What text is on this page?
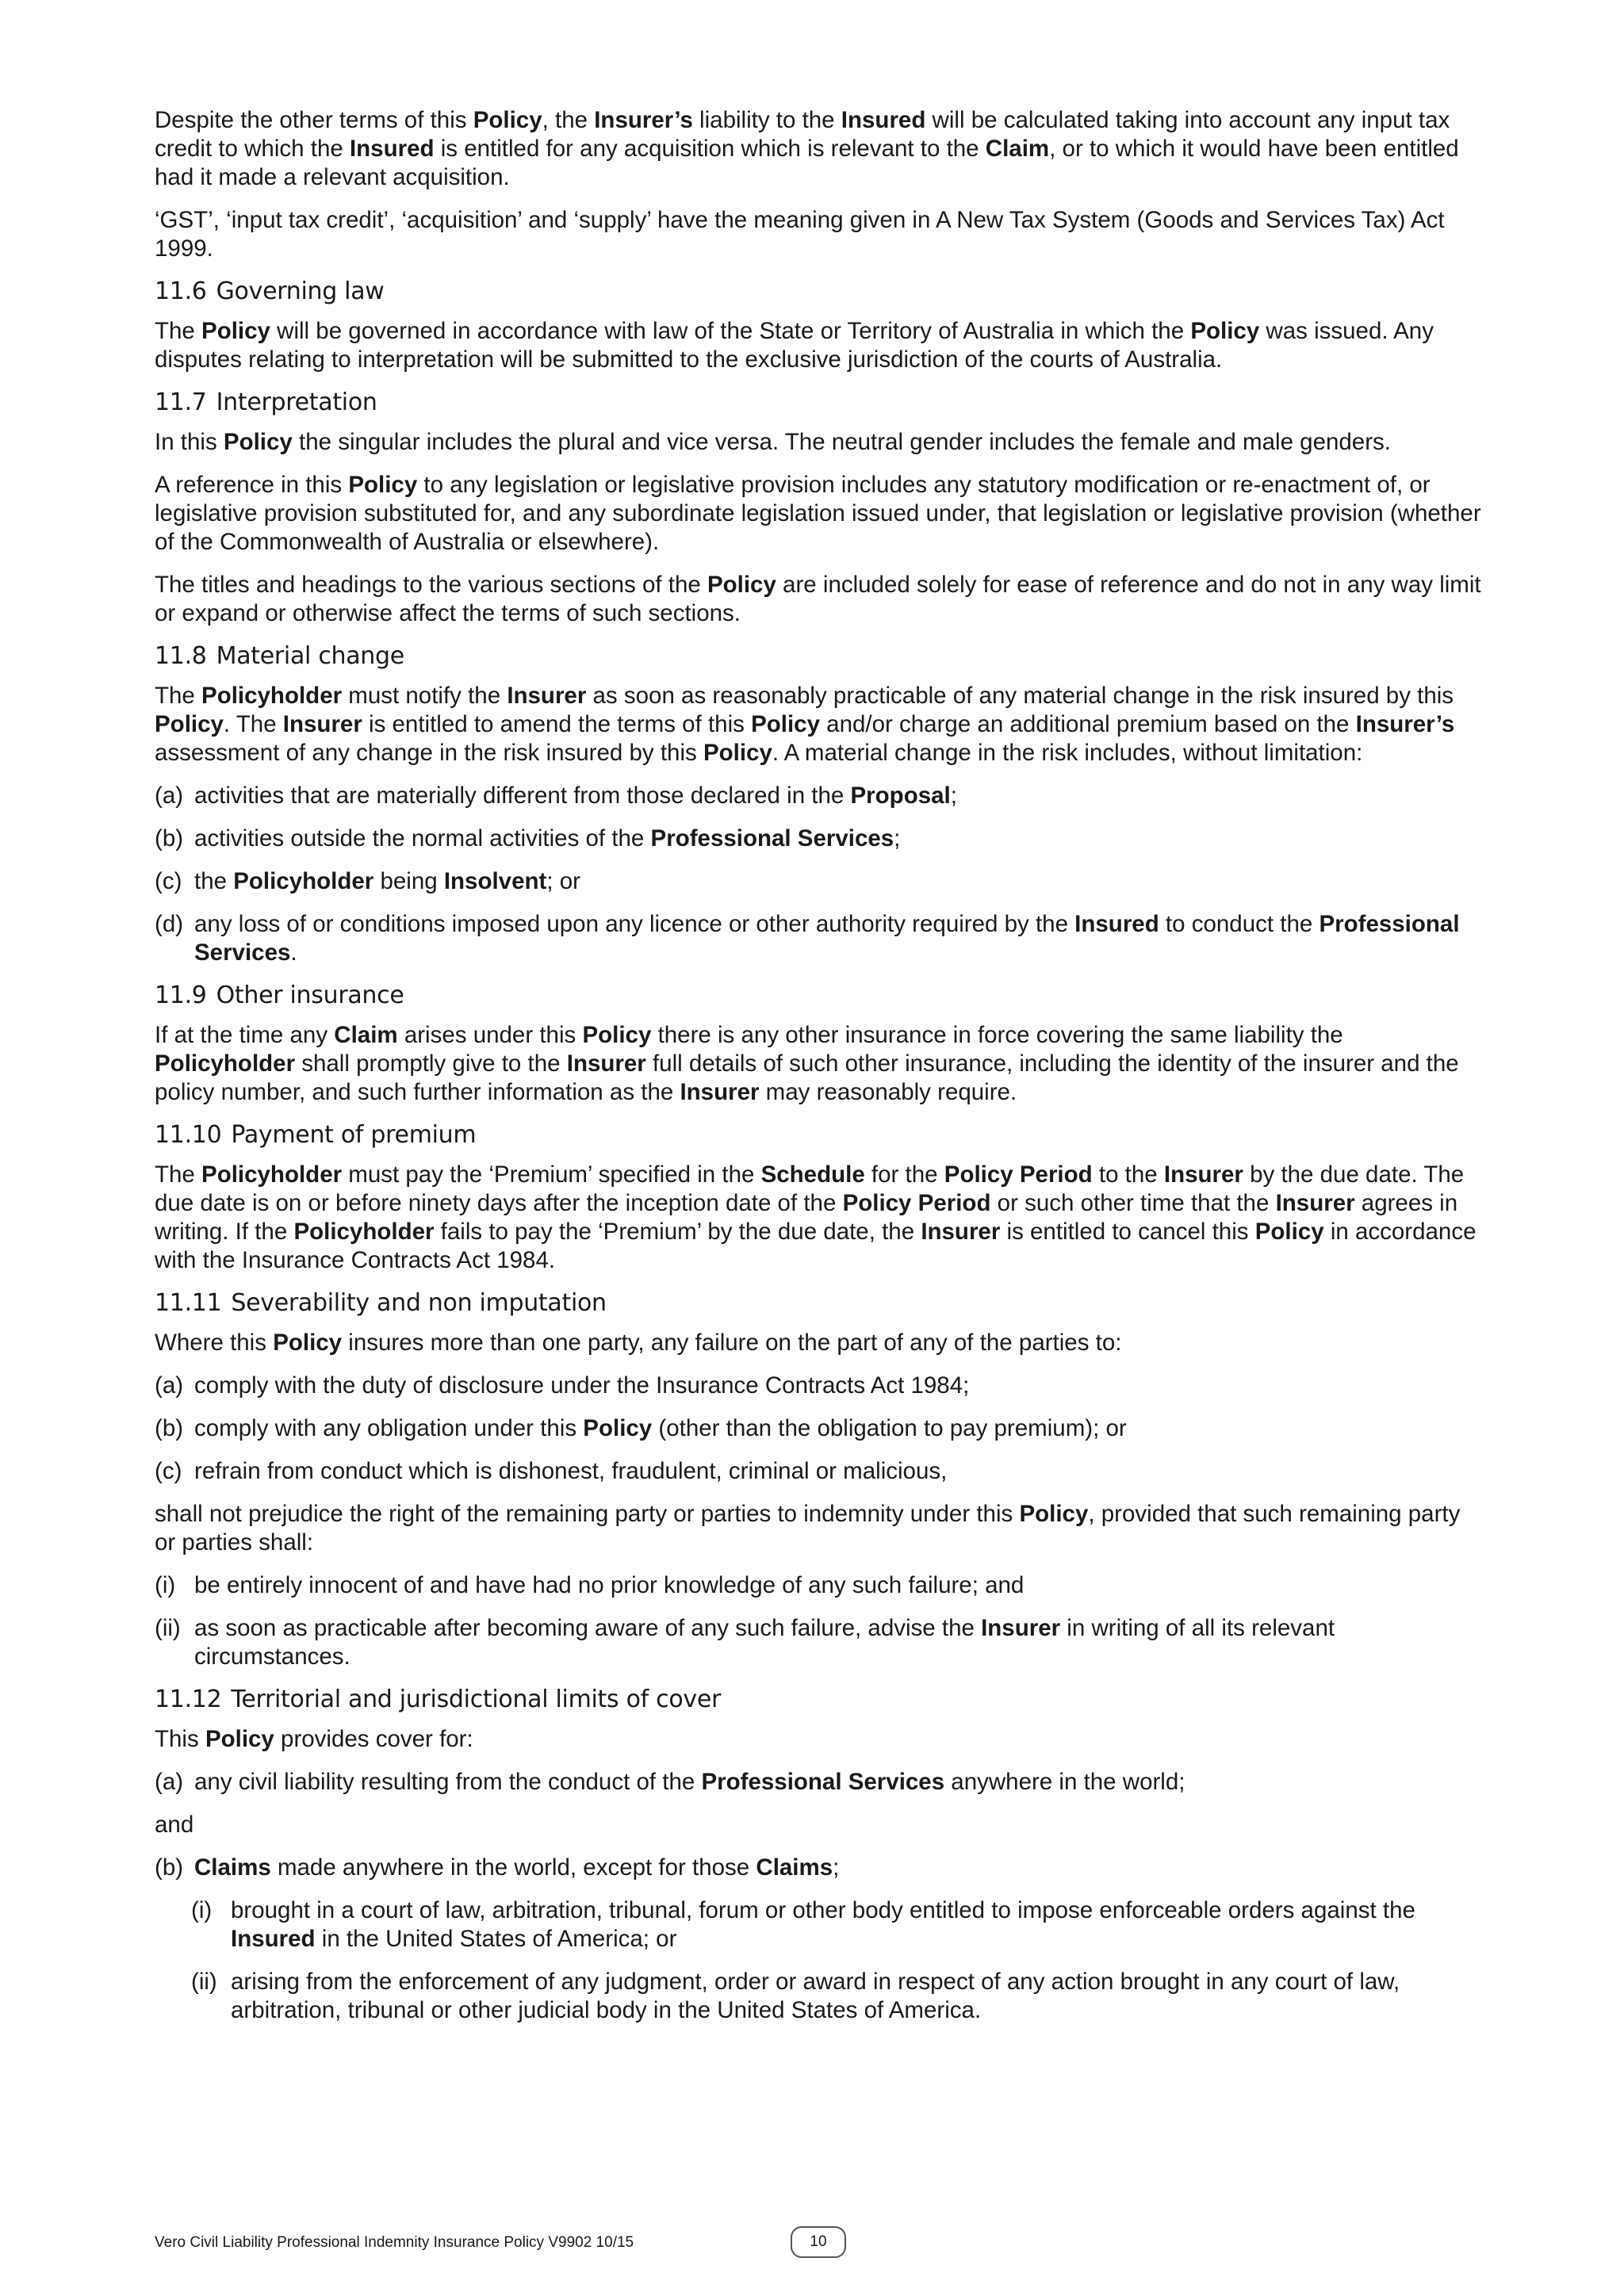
Despite the other terms of this Policy, the Insurer’s liability to the Insured will be calculated taking into account any input tax credit to which the Insured is entitled for any acquisition which is relevant to the Claim, or to which it would have been entitled had it made a relevant acquisition.

‘GST’, ‘input tax credit’, ‘acquisition’ and ‘supply’ have the meaning given in A New Tax System (Goods and Services Tax) Act 1999.

11.6 Governing law

The Policy will be governed in accordance with law of the State or Territory of Australia in which the Policy was issued. Any disputes relating to interpretation will be submitted to the exclusive jurisdiction of the courts of Australia.

11.7 Interpretation

In this Policy the singular includes the plural and vice versa. The neutral gender includes the female and male genders.

A reference in this Policy to any legislation or legislative provision includes any statutory modification or re-enactment of, or legislative provision substituted for, and any subordinate legislation issued under, that legislation or legislative provision (whether of the Commonwealth of Australia or elsewhere).

The titles and headings to the various sections of the Policy are included solely for ease of reference and do not in any way limit or expand or otherwise affect the terms of such sections.

11.8 Material change

The Policyholder must notify the Insurer as soon as reasonably practicable of any material change in the risk insured by this Policy. The Insurer is entitled to amend the terms of this Policy and/or charge an additional premium based on the Insurer’s assessment of any change in the risk insured by this Policy. A material change in the risk includes, without limitation:

(a) activities that are materially different from those declared in the Proposal;
(b) activities outside the normal activities of the Professional Services;
(c) the Policyholder being Insolvent; or
(d) any loss of or conditions imposed upon any licence or other authority required by the Insured to conduct the Professional Services.
11.9 Other insurance

If at the time any Claim arises under this Policy there is any other insurance in force covering the same liability the Policyholder shall promptly give to the Insurer full details of such other insurance, including the identity of the insurer and the policy number, and such further information as the Insurer may reasonably require.

11.10 Payment of premium

The Policyholder must pay the ‘Premium’ specified in the Schedule for the Policy Period to the Insurer by the due date. The due date is on or before ninety days after the inception date of the Policy Period or such other time that the Insurer agrees in writing. If the Policyholder fails to pay the ‘Premium’ by the due date, the Insurer is entitled to cancel this Policy in accordance with the Insurance Contracts Act 1984.

11.11 Severability and non imputation

Where this Policy insures more than one party, any failure on the part of any of the parties to:

(a) comply with the duty of disclosure under the Insurance Contracts Act 1984;
(b) comply with any obligation under this Policy (other than the obligation to pay premium); or
(c) refrain from conduct which is dishonest, fraudulent, criminal or malicious,

shall not prejudice the right of the remaining party or parties to indemnity under this Policy, provided that such remaining party or parties shall:

(i) be entirely innocent of and have had no prior knowledge of any such failure; and
(ii) as soon as practicable after becoming aware of any such failure, advise the Insurer in writing of all its relevant circumstances.
11.12 Territorial and jurisdictional limits of cover

This Policy provides cover for:

(a) any civil liability resulting from the conduct of the Professional Services anywhere in the world;

and

(b) Claims made anywhere in the world, except for those Claims;
(i) brought in a court of law, arbitration, tribunal, forum or other body entitled to impose enforceable orders against the Insured in the United States of America; or
(ii) arising from the enforcement of any judgment, order or award in respect of any action brought in any court of law, arbitration, tribunal or other judicial body in the United States of America.
Vero Civil Liability Professional Indemnity Insurance Policy V9902 10/15	10
